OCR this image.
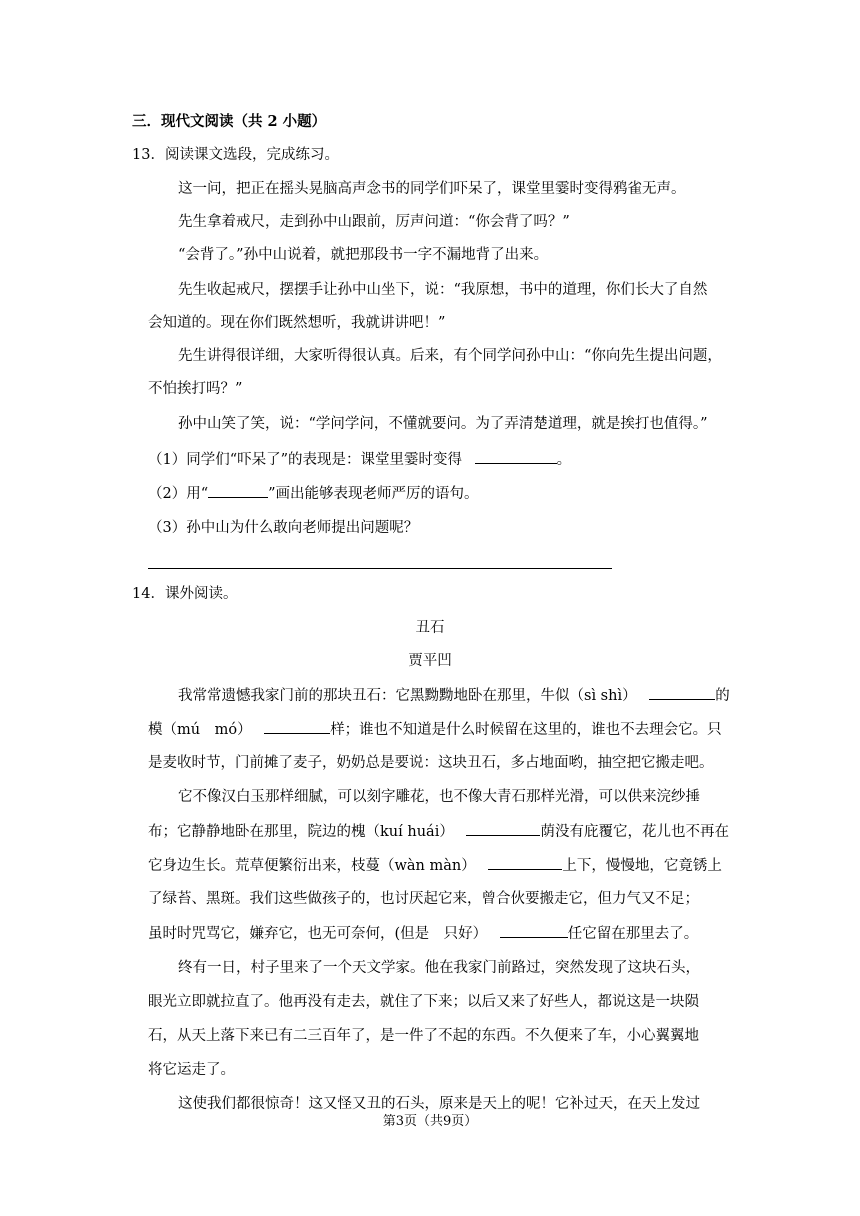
三．现代文阅读（共 2 小题）
13．阅读课文选段，完成练习。
这一问，把正在摇头晃脑高声念书的同学们吓呆了，课堂里霎时变得鸦雀无声。
先生拿着戒尺，走到孙中山跟前，厉声问道：“你会背了吗？”
“会背了。”孙中山说着，就把那段书一字不漏地背了出来。
先生收起戒尺，摆摆手让孙中山坐下，说：“我原想，书中的道理，你们长大了自然
会知道的。现在你们既然想听，我就讲讲吧！”
先生讲得很详细，大家听得很认真。后来，有个同学问孙中山：“你向先生提出问题，
不怕挨打吗？”
孙中山笑了笑，说：“学问学问，不懂就要问。为了弄清楚道理，就是挨打也值得。”
（1）同学们“吓呆了”的表现是：课堂里霎时变得	。
（2）用“	”画出能够表现老师严厉的语句。
（3）孙中山为什么敢向老师提出问题呢？
14．课外阅读。
丑石
贾平凹
我常常遗憾我家门前的那块丑石：它黑黝黝地卧在那里，牛似（sì shì）	的
模（mú　mó）	样；谁也不知道是什么时候留在这里的，谁也不去理会它。只
是麦收时节，门前摊了麦子，奶奶总是要说：这块丑石，多占地面哟，抽空把它搬走吧。
它不像汉白玉那样细腻，可以刻字雕花，也不像大青石那样光滑，可以供来浣纱捶
布；它静静地卧在那里，院边的槐（kuí huái）	荫没有庇覆它，花儿也不再在
它身边生长。荒草便繁衍出来，枝蔓（wàn màn）	上下，慢慢地，它竟锈上
了绿苔、黑斑。我们这些做孩子的，也讨厌起它来，曾合伙要搬走它，但力气又不足；
虽时时咒骂它，嫌弃它，也无可奈何，(但是　只好）	任它留在那里去了。
终有一日，村子里来了一个天文学家。他在我家门前路过，突然发现了这块石头，
眼光立即就拉直了。他再没有走去，就住了下来；以后又来了好些人，都说这是一块陨
石，从天上落下来已有二三百年了，是一件了不起的东西。不久便来了车，小心翼翼地
将它运走了。
这使我们都很惊奇！这又怪又丑的石头，原来是天上的呢！它补过天，在天上发过
第3页（共9页）
